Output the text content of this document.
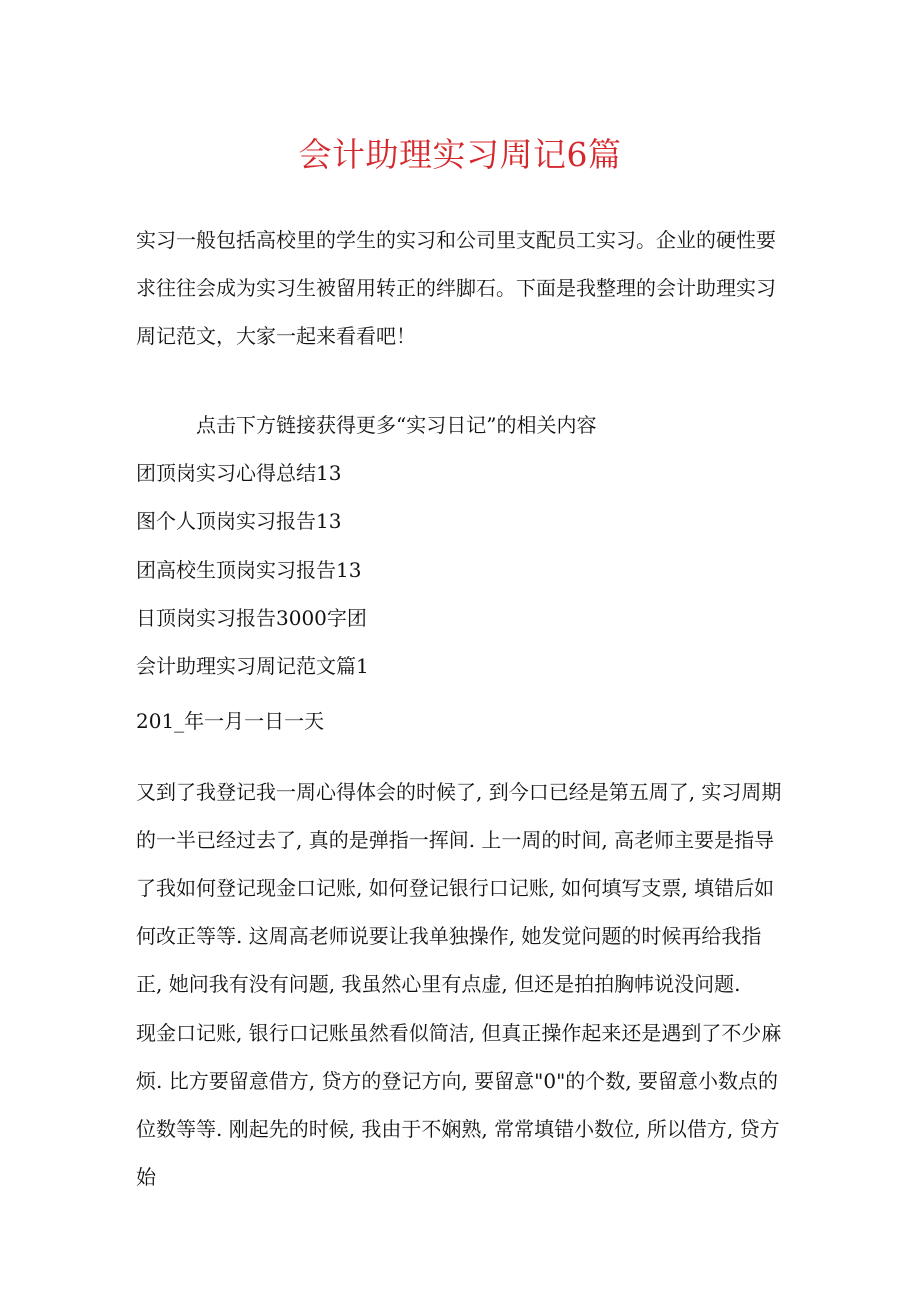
会计助理实习周记6篇

实习一般包括高校里的学生的实习和公司里支配员工实习。企业的硬性要求往往会成为实习生被留用转正的绊脚石。下面是我整理的会计助理实习周记范文，大家一起来看看吧！

点击下方链接获得更多“实习日记”的相关内容

团顶岗实习心得总结13

图个人顶岗实习报告13

团高校生顶岗实习报告13

日顶岗实习报告3000字团

会计助理实习周记范文篇1

201_年一月一日一天

又到了我登记我一周心得体会的时候了, 到今口已经是第五周了, 实习周期的一半已经过去了, 真的是弹指一挥间. 上一周的时间, 高老师主要是指导了我如何登记现金口记账, 如何登记银行口记账, 如何填写支票, 填错后如何改正等等. 这周高老师说要让我单独操作, 她发觉问题的时候再给我指正, 她问我有没有问题, 我虽然心里有点虚, 但还是拍拍胸帏说没问题.

现金口记账, 银行口记账虽然看似简洁, 但真正操作起来还是遇到了不少麻烦. 比方要留意借方, 贷方的登记方向, 要留意"0"的个数, 要留意小数点的位数等等. 刚起先的时候, 我由于不娴熟, 常常填错小数位, 所以借方, 贷方始
